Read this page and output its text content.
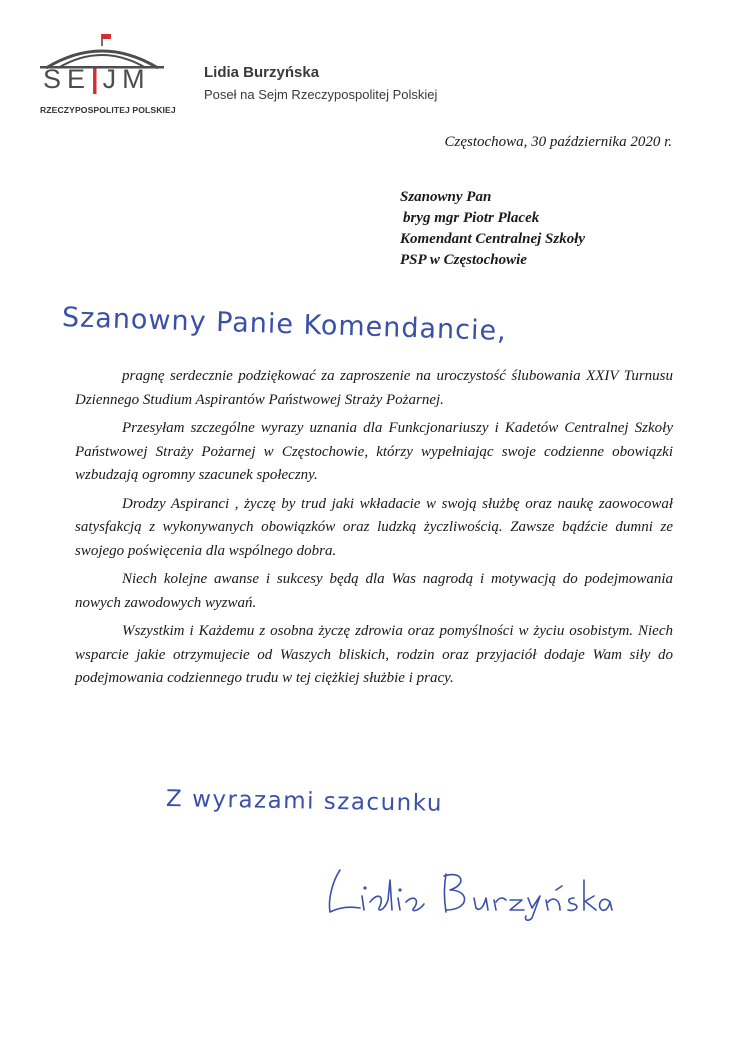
SE|JM
RZECZYPOSPOLITEJ POLSKIEJ
Lidia Burzyńska
Poseł na Sejm Rzeczypospolitej Polskiej
Częstochowa, 30 października 2020 r.
Szanowny Pan
bryg mgr Piotr Placek
Komendant Centralnej Szkoły
PSP w Częstochowie
Szanowny Panie Komendancie,

pragnę serdecznie podziękować za zaproszenie na uroczystość ślubowania XXIV Turnusu Dziennego Studium Aspirantów Państwowej Straży Pożarnej.

Przesyłam szczególne wyrazy uznania dla Funkcjonariuszy i Kadetów Centralnej Szkoły Państwowej Straży Pożarnej w Częstochowie, którzy wypełniając swoje codzienne obowiązki wzbudzają ogromny szacunek społeczny.

Drodzy Aspiranci , życzę by trud jaki wkładacie w swoją służbę oraz naukę zaowocował satysfakcją z wykonywanych obowiązków oraz ludzką życzliwością. Zawsze bądźcie dumni ze swojego poświęcenia dla wspólnego dobra.

Niech kolejne awanse i sukcesy będą dla Was nagrodą i motywacją do podejmowania nowych zawodowych wyzwań.

Wszystkim i Każdemu z osobna życzę zdrowia oraz pomyślności w życiu osobistym. Niech wsparcie jakie otrzymujecie od Waszych bliskich, rodzin oraz przyjaciół dodaje Wam siły do podejmowania codziennego trudu w tej ciężkiej służbie i pracy.

Z wyrazami szacunku
